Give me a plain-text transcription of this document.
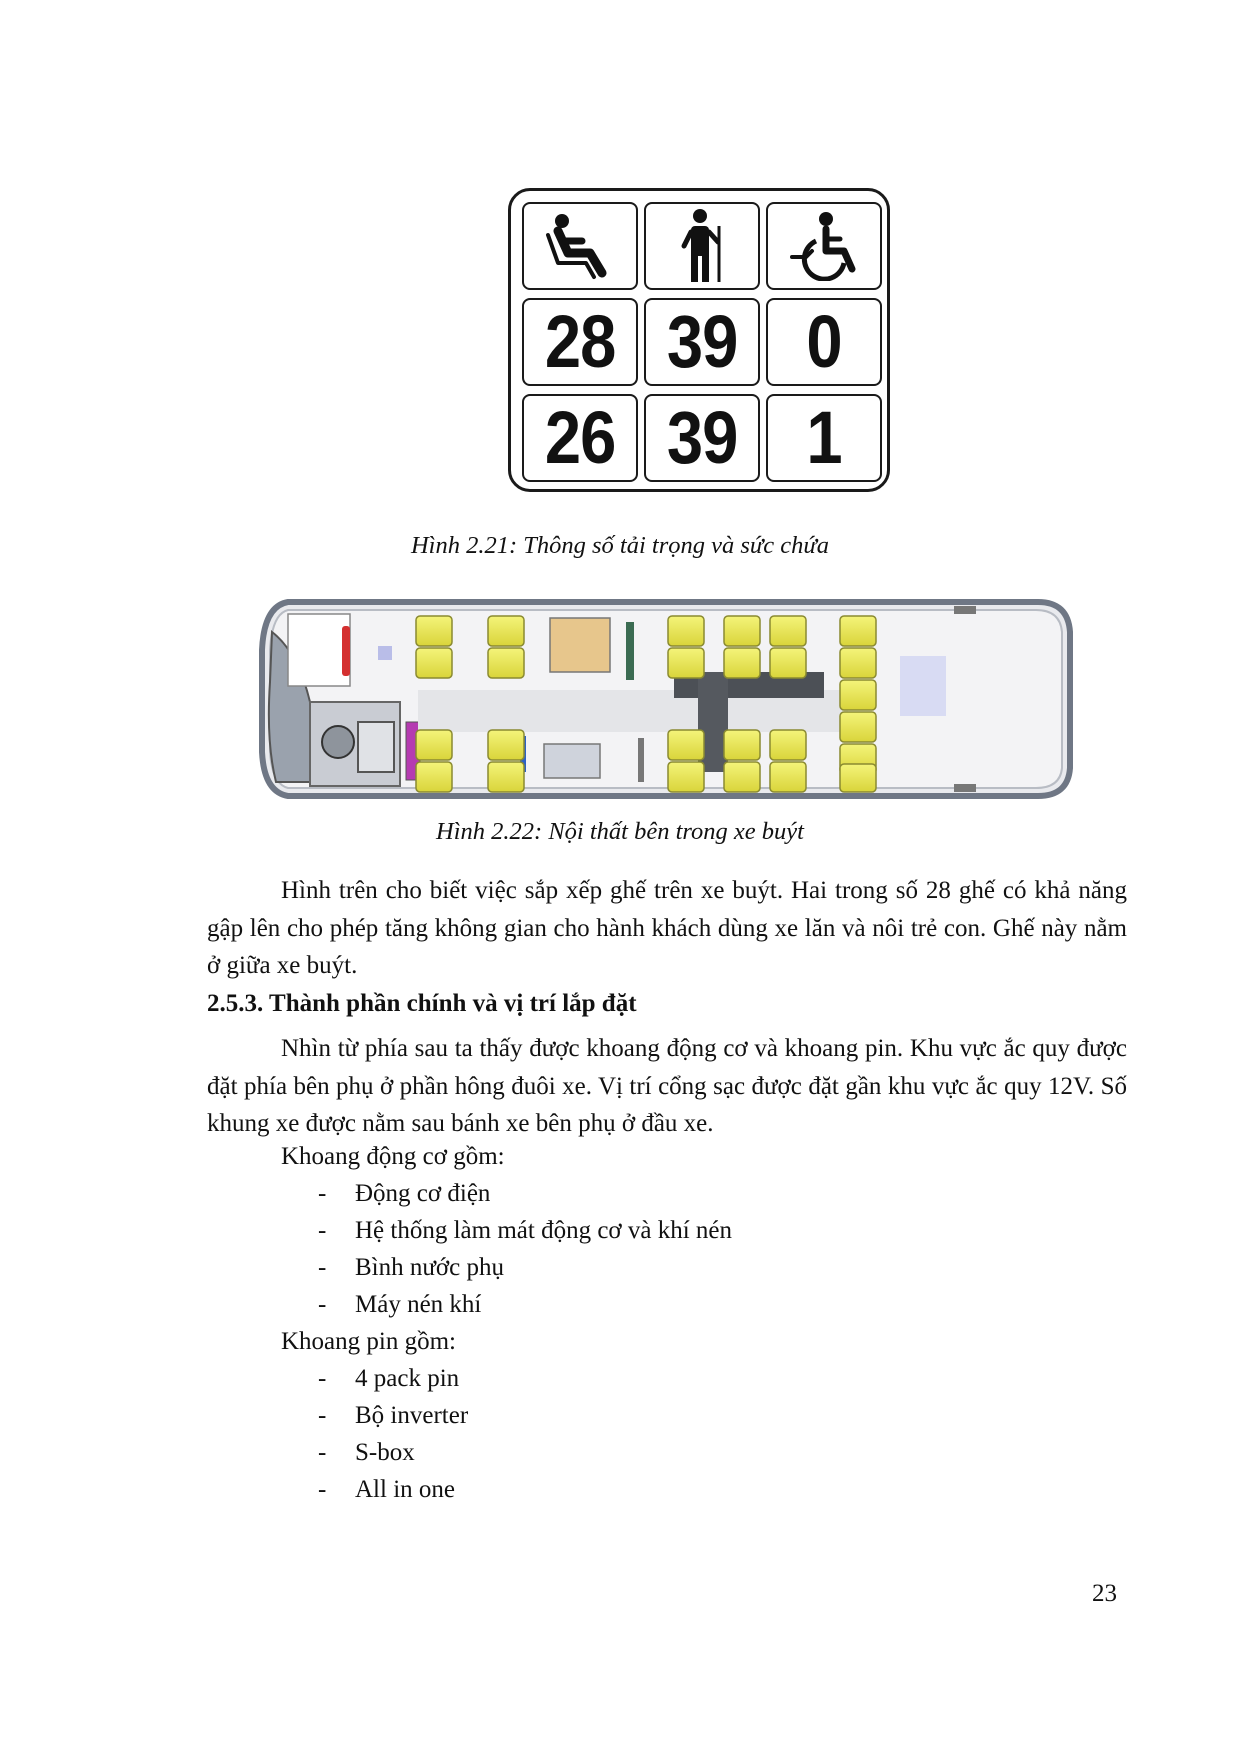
28 39 0
26 39 1
Hình 2.21: Thông số tải trọng và sức chứa
Hình 2.22: Nội thất bên trong xe buýt

Hình trên cho biết việc sắp xếp ghế trên xe buýt. Hai trong số 28 ghế có khả năng gập lên cho phép tăng không gian cho hành khách dùng xe lăn và nôi trẻ con. Ghế này nằm ở giữa xe buýt.

2.5.3. Thành phần chính và vị trí lắp đặt

Nhìn từ phía sau ta thấy được khoang động cơ và khoang pin. Khu vực ắc quy được đặt phía bên phụ ở phần hông đuôi xe. Vị trí cổng sạc được đặt gần khu vực ắc quy 12V. Số khung xe được nằm sau bánh xe bên phụ ở đầu xe.

Khoang động cơ gồm:
- Động cơ điện
- Hệ thống làm mát động cơ và khí nén
- Bình nước phụ
- Máy nén khí
Khoang pin gồm:
- 4 pack pin
- Bộ inverter
- S-box
- All in one
23
